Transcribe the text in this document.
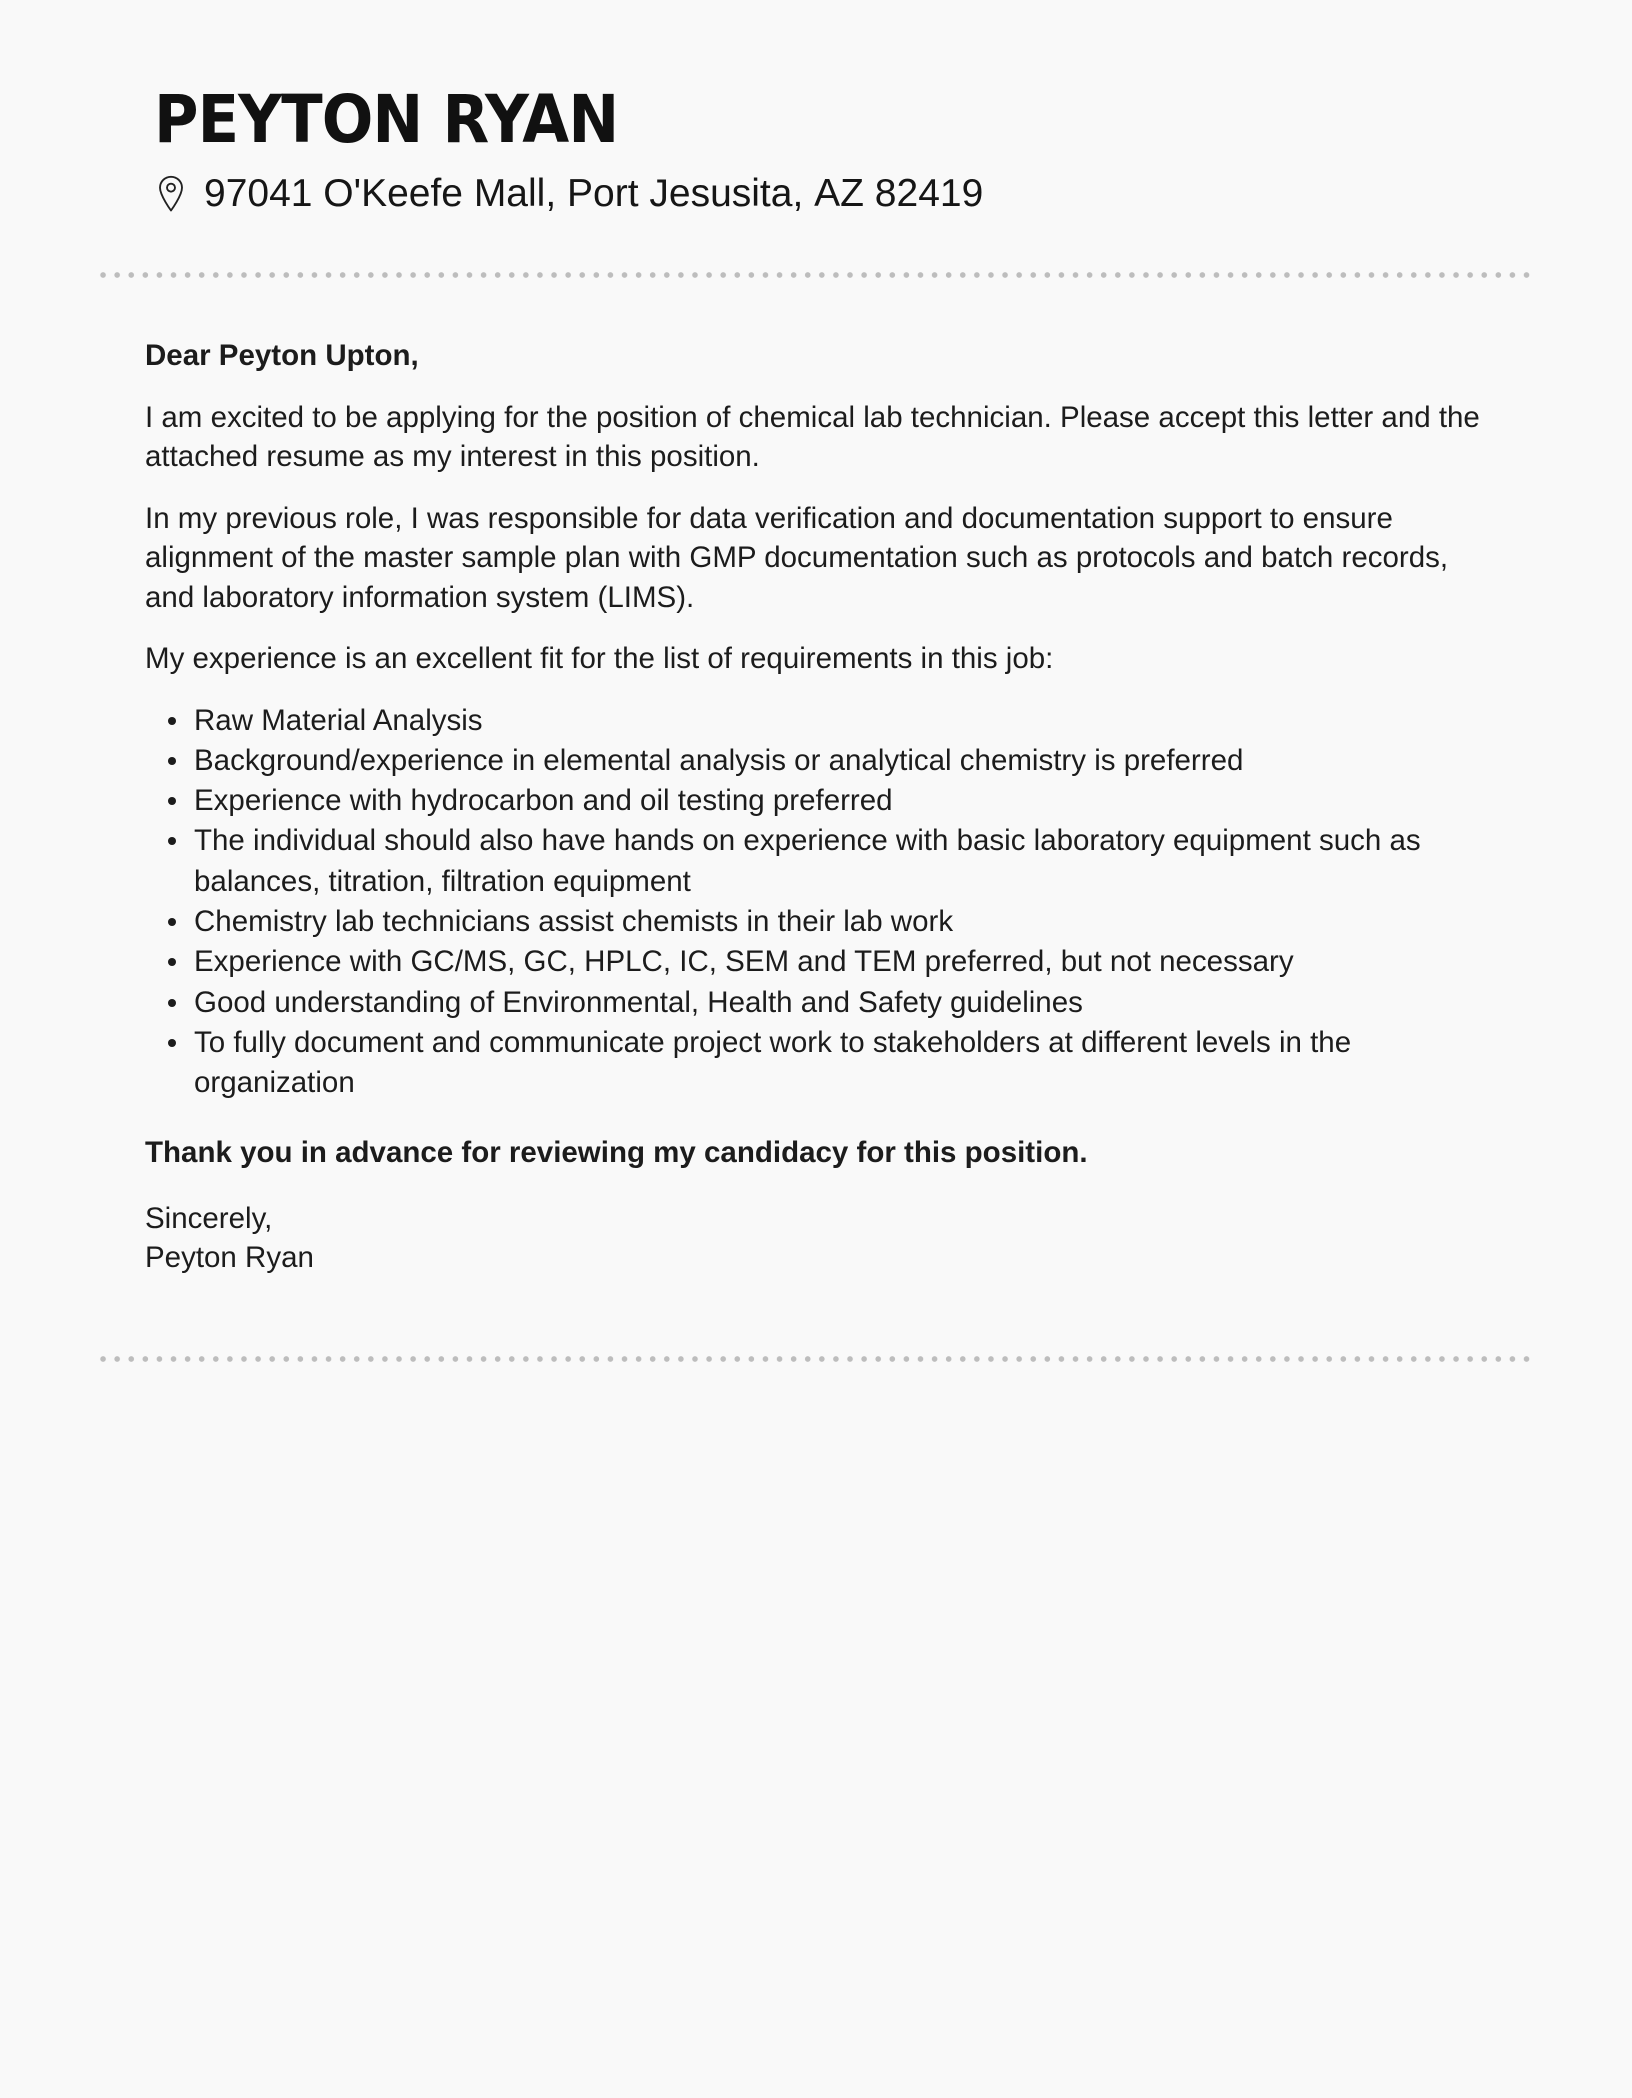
PEYTON RYAN
97041 O'Keefe Mall ,
Port Jesusita ,
AZ 82419

Dear Peyton Upton,

I am excited to be applying for the position of chemical lab technician. Please accept this letter and the attached resume as my interest in this position.

In my previous role, I was responsible for data verification and documentation support to ensure alignment of the master sample plan with GMP documentation such as protocols and batch records, and laboratory information system (LIMS).

My experience is an excellent fit for the list of requirements in this job:

Raw Material Analysis
Background/experience in elemental analysis or analytical chemistry is preferred
Experience with hydrocarbon and oil testing preferred
The individual should also have hands on experience with basic laboratory equipment such as balances, titration, filtration equipment
Chemistry lab technicians assist chemists in their lab work
Experience with GC/MS, GC, HPLC, IC, SEM and TEM preferred, but not necessary
Good understanding of Environmental, Health and Safety guidelines
To fully document and communicate project work to stakeholders at different levels in the organization

Thank you in advance for reviewing my candidacy for this position.

Sincerely,

Peyton Ryan
